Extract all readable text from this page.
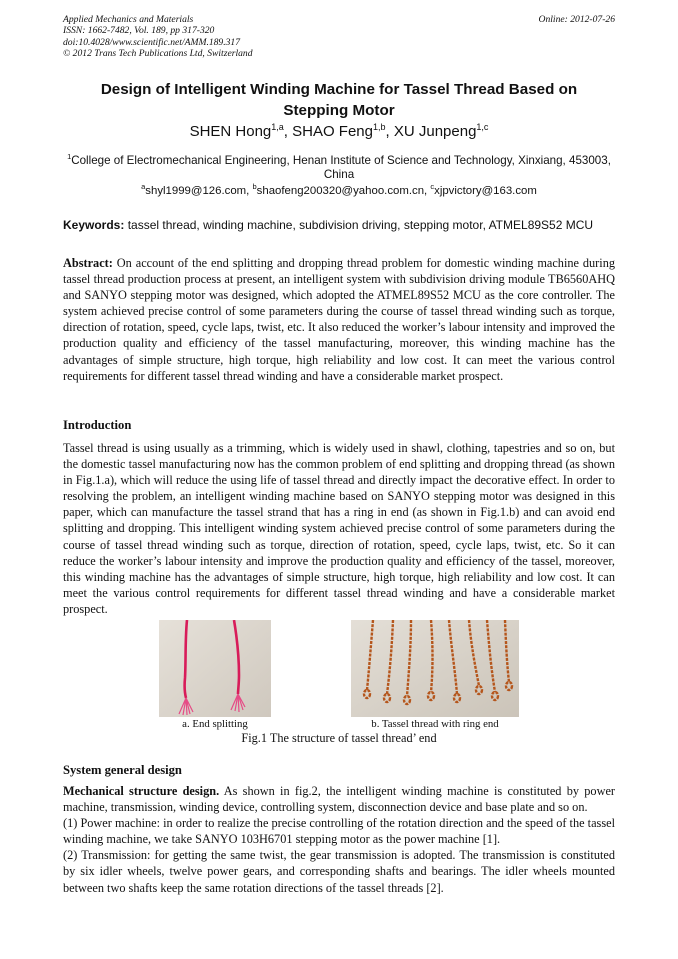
Applied Mechanics and Materials
ISSN: 1662-7482, Vol. 189, pp 317-320
doi:10.4028/www.scientific.net/AMM.189.317
© 2012 Trans Tech Publications Ltd, Switzerland
Online: 2012-07-26
Design of Intelligent Winding Machine for Tassel Thread Based on
Stepping Motor
SHEN Hong$^{1,a}$, SHAO Feng$^{1,b}$, XU Junpeng$^{1,c}$
$^1$College of Electromechanical Engineering, Henan Institute of Science and Technology, Xinxiang, 453003, China
$^a$shyl1999@126.com, $^b$shaofeng200320@yahoo.com.cn, $^c$xjpvictory@163.com
Keywords: tassel thread, winding machine, subdivision driving, stepping motor, ATMEL89S52 MCU
Abstract: On account of the end splitting and dropping thread problem for domestic winding machine during tassel thread production process at present, an intelligent system with subdivision driving module TB6560AHQ and SANYO stepping motor was designed, which adopted the ATMEL89S52 MCU as the core controller. The system achieved precise control of some parameters during the course of tassel thread winding such as torque, direction of rotation, speed, cycle laps, twist, etc. It also reduced the worker’s labour intensity and improved the production quality and efficiency of the tassel manufacturing, moreover, this winding machine has the advantages of simple structure, high torque, high reliability and low cost. It can meet the various control requirements for different tassel thread winding and have a considerable market prospect.
Introduction
Tassel thread is using usually as a trimming, which is widely used in shawl, clothing, tapestries and so on, but the domestic tassel manufacturing now has the common problem of end splitting and dropping thread (as shown in Fig.1.a), which will reduce the using life of tassel thread and directly impact the decorative effect. In order to resolving the problem, an intelligent winding machine based on SANYO stepping motor was designed in this paper, which can manufacture the tassel strand that has a ring in end (as shown in Fig.1.b) and can avoid end splitting and dropping. This intelligent winding system achieved precise control of some parameters during the course of tassel thread winding such as torque, direction of rotation, speed, cycle laps, twist, etc. So it can reduce the worker’s labour intensity and improve the production quality and efficiency of the tassel, moreover, this winding machine has the advantages of simple structure, high torque, high reliability and low cost. It can meet the various control requirements for different tassel thread winding and have a considerable market prospect.
a. End splitting	b. Tassel thread with ring end
Fig.1 The structure of tassel thread’ end
System general design
Mechanical structure design. As shown in fig.2, the intelligent winding machine is constituted by power machine, transmission, winding device, controlling system, disconnection device and base plate and so on.
(1) Power machine: in order to realize the precise controlling of the rotation direction and the speed of the tassel winding machine, we take SANYO 103H6701 stepping motor as the power machine [1].
(2) Transmission: for getting the same twist, the gear transmission is adopted. The transmission is constituted by six idler wheels, twelve power gears, and corresponding shafts and bearings. The idler wheels mounted between two shafts keep the same rotation directions of the tassel threads [2].
